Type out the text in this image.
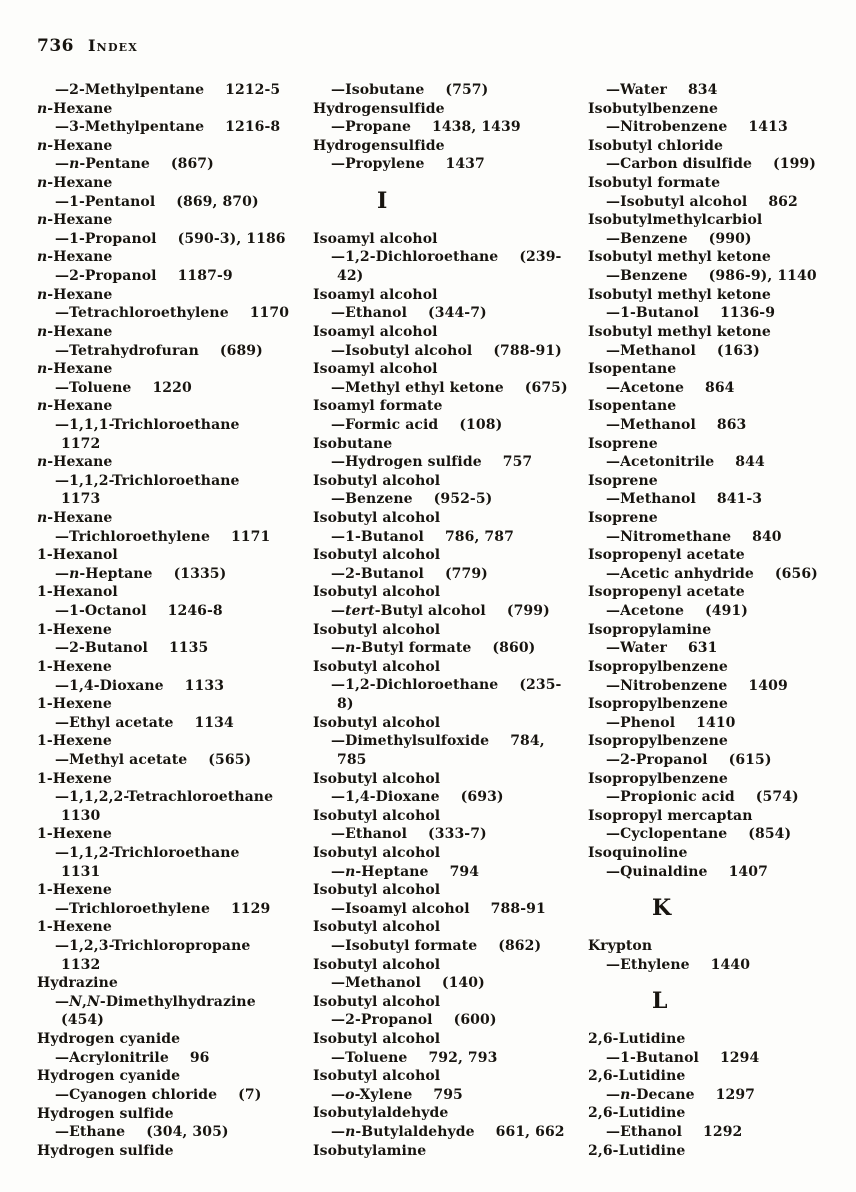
736 Index
—2-Methylpentane 1212-5
n-Hexane
—3-Methylpentane 1216-8
n-Hexane
—n-Pentane (867)
n-Hexane
—1-Pentanol (869, 870)
n-Hexane
—1-Propanol (590-3), 1186
n-Hexane
—2-Propanol 1187-9
n-Hexane
—Tetrachloroethylene 1170
n-Hexane
—Tetrahydrofuran (689)
n-Hexane
—Toluene 1220
n-Hexane
—1,1,1-Trichloroethane
1172
n-Hexane
—1,1,2-Trichloroethane
1173
n-Hexane
—Trichloroethylene 1171
1-Hexanol
—n-Heptane (1335)
1-Hexanol
—1-Octanol 1246-8
1-Hexene
—2-Butanol 1135
1-Hexene
—1,4-Dioxane 1133
1-Hexene
—Ethyl acetate 1134
1-Hexene
—Methyl acetate (565)
1-Hexene
—1,1,2,2-Tetrachloroethane
1130
1-Hexene
—1,1,2-Trichloroethane
1131
1-Hexene
—Trichloroethylene 1129
1-Hexene
—1,2,3-Trichloropropane
1132
Hydrazine
—N,N-Dimethylhydrazine
(454)
Hydrogen cyanide
—Acrylonitrile 96
Hydrogen cyanide
—Cyanogen chloride (7)
Hydrogen sulfide
—Ethane (304, 305)
Hydrogen sulfide
—Isobutane (757)
Hydrogensulfide
—Propane 1438, 1439
Hydrogensulfide
—Propylene 1437
I
Isoamyl alcohol
—1,2-Dichloroethane (239-
42)
Isoamyl alcohol
—Ethanol (344-7)
Isoamyl alcohol
—Isobutyl alcohol (788-91)
Isoamyl alcohol
—Methyl ethyl ketone (675)
Isoamyl formate
—Formic acid (108)
Isobutane
—Hydrogen sulfide 757
Isobutyl alcohol
—Benzene (952-5)
Isobutyl alcohol
—1-Butanol 786, 787
Isobutyl alcohol
—2-Butanol (779)
Isobutyl alcohol
—tert-Butyl alcohol (799)
Isobutyl alcohol
—n-Butyl formate (860)
Isobutyl alcohol
—1,2-Dichloroethane (235-
8)
Isobutyl alcohol
—Dimethylsulfoxide 784,
785
Isobutyl alcohol
—1,4-Dioxane (693)
Isobutyl alcohol
—Ethanol (333-7)
Isobutyl alcohol
—n-Heptane 794
Isobutyl alcohol
—Isoamyl alcohol 788-91
Isobutyl alcohol
—Isobutyl formate (862)
Isobutyl alcohol
—Methanol (140)
Isobutyl alcohol
—2-Propanol (600)
Isobutyl alcohol
—Toluene 792, 793
Isobutyl alcohol
—o-Xylene 795
Isobutylaldehyde
—n-Butylaldehyde 661, 662
Isobutylamine
—Water 834
Isobutylbenzene
—Nitrobenzene 1413
Isobutyl chloride
—Carbon disulfide (199)
Isobutyl formate
—Isobutyl alcohol 862
Isobutylmethylcarbiol
—Benzene (990)
Isobutyl methyl ketone
—Benzene (986-9), 1140
Isobutyl methyl ketone
—1-Butanol 1136-9
Isobutyl methyl ketone
—Methanol (163)
Isopentane
—Acetone 864
Isopentane
—Methanol 863
Isoprene
—Acetonitrile 844
Isoprene
—Methanol 841-3
Isoprene
—Nitromethane 840
Isopropenyl acetate
—Acetic anhydride (656)
Isopropenyl acetate
—Acetone (491)
Isopropylamine
—Water 631
Isopropylbenzene
—Nitrobenzene 1409
Isopropylbenzene
—Phenol 1410
Isopropylbenzene
—2-Propanol (615)
Isopropylbenzene
—Propionic acid (574)
Isopropyl mercaptan
—Cyclopentane (854)
Isoquinoline
—Quinaldine 1407
K
Krypton
—Ethylene 1440
L
2,6-Lutidine
—1-Butanol 1294
2,6-Lutidine
—n-Decane 1297
2,6-Lutidine
—Ethanol 1292
2,6-Lutidine
